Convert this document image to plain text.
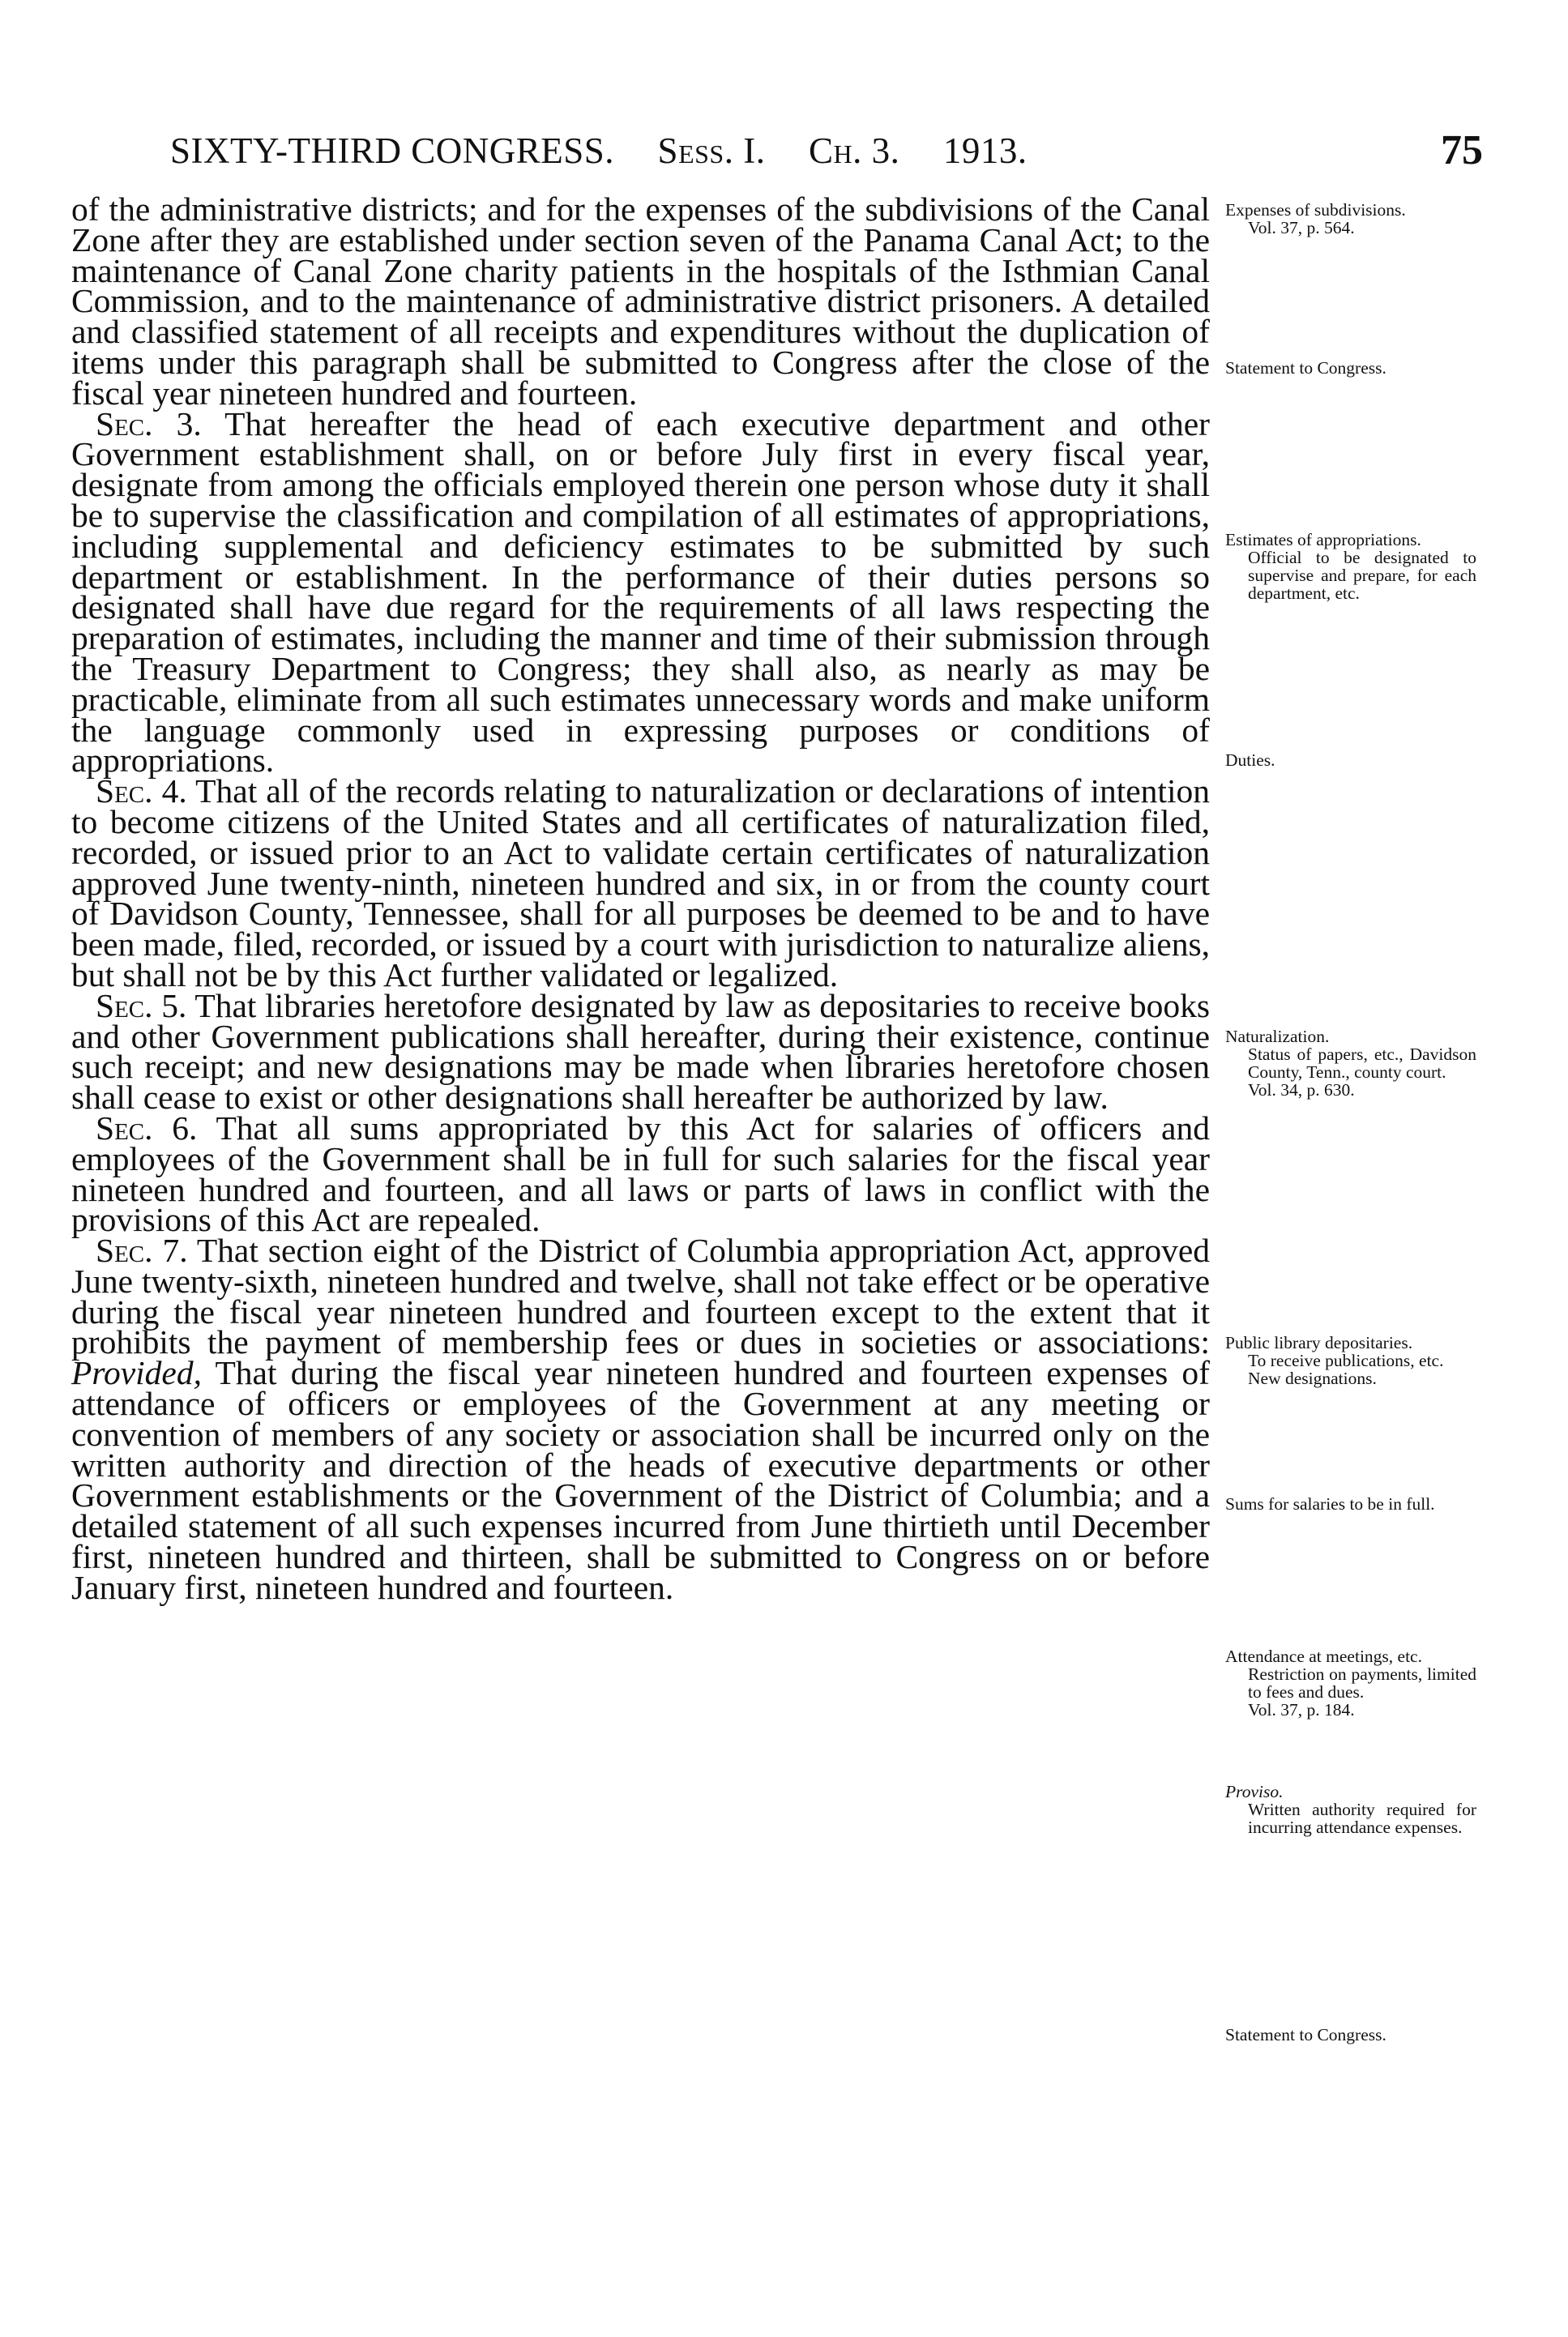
SIXTY-THIRD CONGRESS. Sess. I. Ch. 3. 1913.	75

of the administrative districts; and for the expenses of the subdivisions of the Canal Zone after they are established under section seven of the Panama Canal Act; to the maintenance of Canal Zone charity patients in the hospitals of the Isthmian Canal Commission, and to the maintenance of administrative district prisoners. A detailed and classified statement of all receipts and expenditures without the duplication of items under this paragraph shall be submitted to Congress after the close of the fiscal year nineteen hundred and fourteen.

Sec. 3. That hereafter the head of each executive department and other Government establishment shall, on or before July first in every fiscal year, designate from among the officials employed therein one person whose duty it shall be to supervise the classification and compilation of all estimates of appropriations, including supplemental and deficiency estimates to be submitted by such department or establishment. In the performance of their duties persons so designated shall have due regard for the requirements of all laws respecting the preparation of estimates, including the manner and time of their submission through the Treasury Department to Congress; they shall also, as nearly as may be practicable, eliminate from all such estimates unnecessary words and make uniform the language commonly used in expressing purposes or conditions of appropriations.

Sec. 4. That all of the records relating to naturalization or declarations of intention to become citizens of the United States and all certificates of naturalization filed, recorded, or issued prior to an Act to validate certain certificates of naturalization approved June twenty-ninth, nineteen hundred and six, in or from the county court of Davidson County, Tennessee, shall for all purposes be deemed to be and to have been made, filed, recorded, or issued by a court with jurisdiction to naturalize aliens, but shall not be by this Act further validated or legalized.

Sec. 5. That libraries heretofore designated by law as depositaries to receive books and other Government publications shall hereafter, during their existence, continue such receipt; and new designations may be made when libraries heretofore chosen shall cease to exist or other designations shall hereafter be authorized by law.

Sec. 6. That all sums appropriated by this Act for salaries of officers and employees of the Government shall be in full for such salaries for the fiscal year nineteen hundred and fourteen, and all laws or parts of laws in conflict with the provisions of this Act are repealed.

Sec. 7. That section eight of the District of Columbia appropriation Act, approved June twenty-sixth, nineteen hundred and twelve, shall not take effect or be operative during the fiscal year nineteen hundred and fourteen except to the extent that it prohibits the payment of membership fees or dues in societies or associations: Provided, That during the fiscal year nineteen hundred and fourteen expenses of attendance of officers or employees of the Government at any meeting or convention of members of any society or association shall be incurred only on the written authority and direction of the heads of executive departments or other Government establishments or the Government of the District of Columbia; and a detailed statement of all such expenses incurred from June thirtieth until December first, nineteen hundred and thirteen, shall be submitted to Congress on or before January first, nineteen hundred and fourteen.

Expenses of subdivisions.
Vol. 37, p. 564.
Statement to Congress.
Estimates of appropriations.
Official to be designated to supervise and prepare, for each department, etc.
Duties.
Naturalization.
Status of papers, etc., Davidson County, Tenn., county court.
Vol. 34, p. 630.
Public library depositaries.
To receive publications, etc.
New designations.
Sums for salaries to be in full.
Attendance at meetings, etc.
Restriction on payments, limited to fees and dues.
Vol. 37, p. 184.
Proviso.
Written authority required for incurring attendance expenses.
Statement to Congress.
